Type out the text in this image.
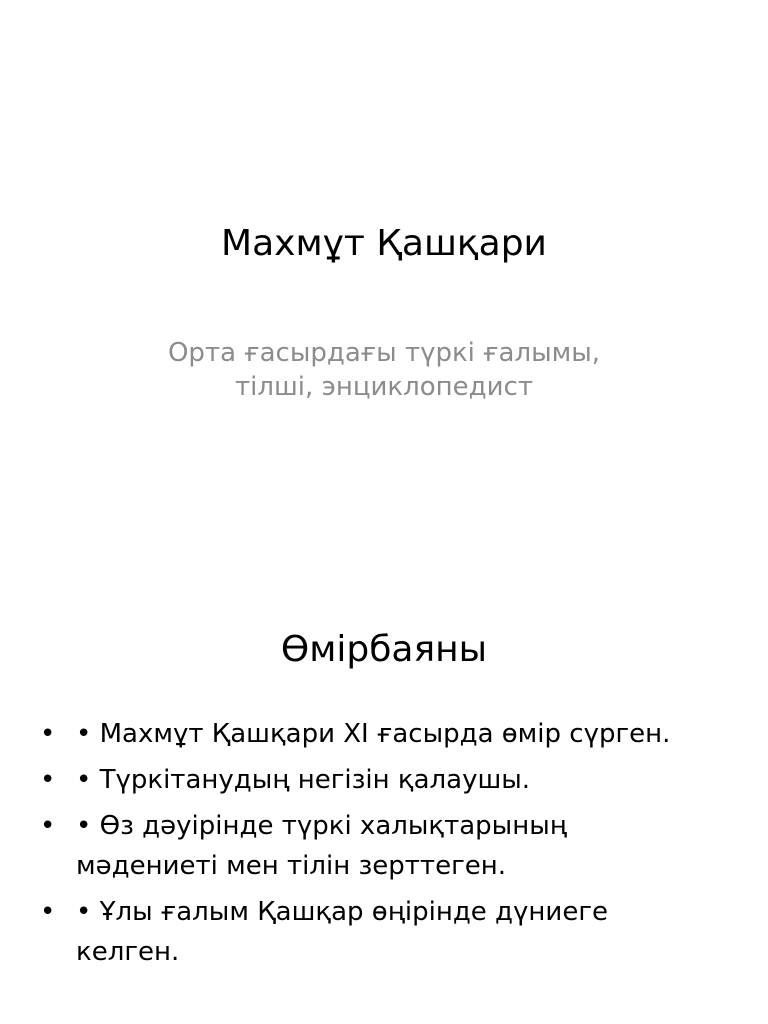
Махмұт Қашқари
Орта ғасырдағы түркі ғалымы,
тілші, энциклопедист
Өмірбаяны
• • Махмұт Қашқари XI ғасырда өмір сүрген.
• • Түркітанудың негізін қалаушы.
• • Өз дәуірінде түркі халықтарының
мәдениеті мен тілін зерттеген.
• • Ұлы ғалым Қашқар өңірінде дүниеге
келген.
